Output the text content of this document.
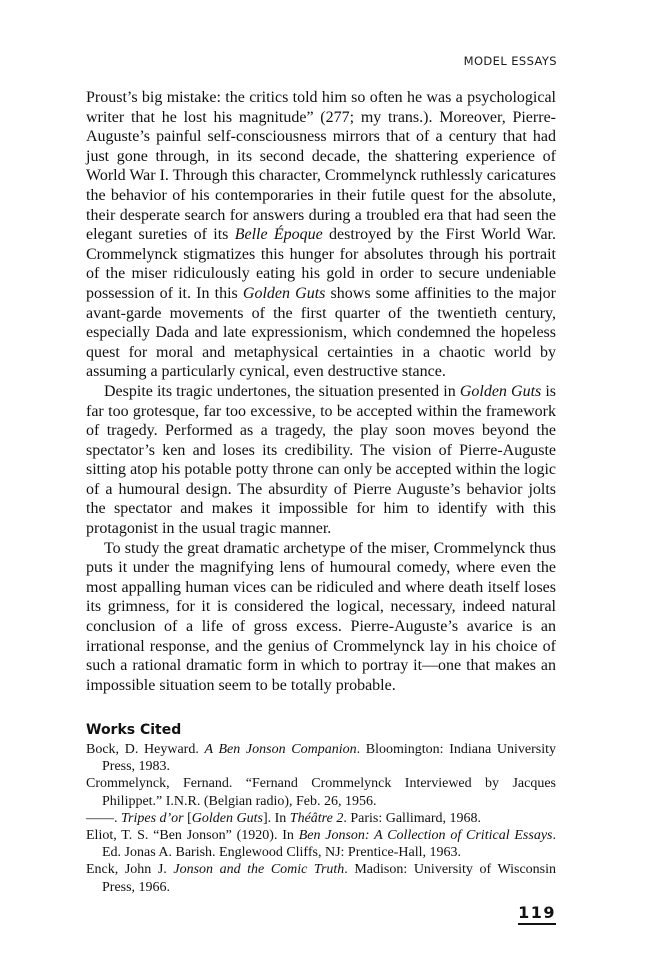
MODEL ESSAYS

Proust’s big mistake: the critics told him so often he was a psychological writer that he lost his magnitude” (277; my trans.). Moreover, Pierre-Auguste’s painful self-consciousness mirrors that of a century that had just gone through, in its second decade, the shattering experience of World War I. Through this character, Crommelynck ruthlessly caricatures the behavior of his contemporaries in their futile quest for the absolute, their desperate search for answers during a troubled era that had seen the elegant sureties of its Belle Époque destroyed by the First World War. Crommelynck stigmatizes this hunger for absolutes through his portrait of the miser ridiculously eating his gold in order to secure undeniable possession of it. In this Golden Guts shows some affinities to the major avant-garde movements of the first quarter of the twentieth century, especially Dada and late expressionism, which condemned the hopeless quest for moral and metaphysical certainties in a chaotic world by assuming a particularly cynical, even destructive stance.

Despite its tragic undertones, the situation presented in Golden Guts is far too grotesque, far too excessive, to be accepted within the framework of tragedy. Performed as a tragedy, the play soon moves beyond the spectator’s ken and loses its credibility. The vision of Pierre-Auguste sitting atop his potable potty throne can only be accepted within the logic of a humoural design. The absurdity of Pierre Auguste’s behavior jolts the spectator and makes it impossible for him to identify with this protagonist in the usual tragic manner.

To study the great dramatic archetype of the miser, Crommelynck thus puts it under the magnifying lens of humoural comedy, where even the most appalling human vices can be ridiculed and where death itself loses its grimness, for it is considered the logical, necessary, indeed natural conclusion of a life of gross excess. Pierre-Auguste’s avarice is an irrational response, and the genius of Crommelynck lay in his choice of such a rational dramatic form in which to portray it—one that makes an impossible situation seem to be totally probable.

Works Cited
Bock, D. Heyward. A Ben Jonson Companion. Bloomington: Indiana University Press, 1983.
Crommelynck, Fernand. “Fernand Crommelynck Interviewed by Jacques Philippet.” I.N.R. (Belgian radio), Feb. 26, 1956.
——. Tripes d’or [Golden Guts]. In Théâtre 2. Paris: Gallimard, 1968.
Eliot, T. S. “Ben Jonson” (1920). In Ben Jonson: A Collection of Critical Essays. Ed. Jonas A. Barish. Englewood Cliffs, NJ: Prentice-Hall, 1963.
Enck, John J. Jonson and the Comic Truth. Madison: University of Wisconsin Press, 1966.
119
